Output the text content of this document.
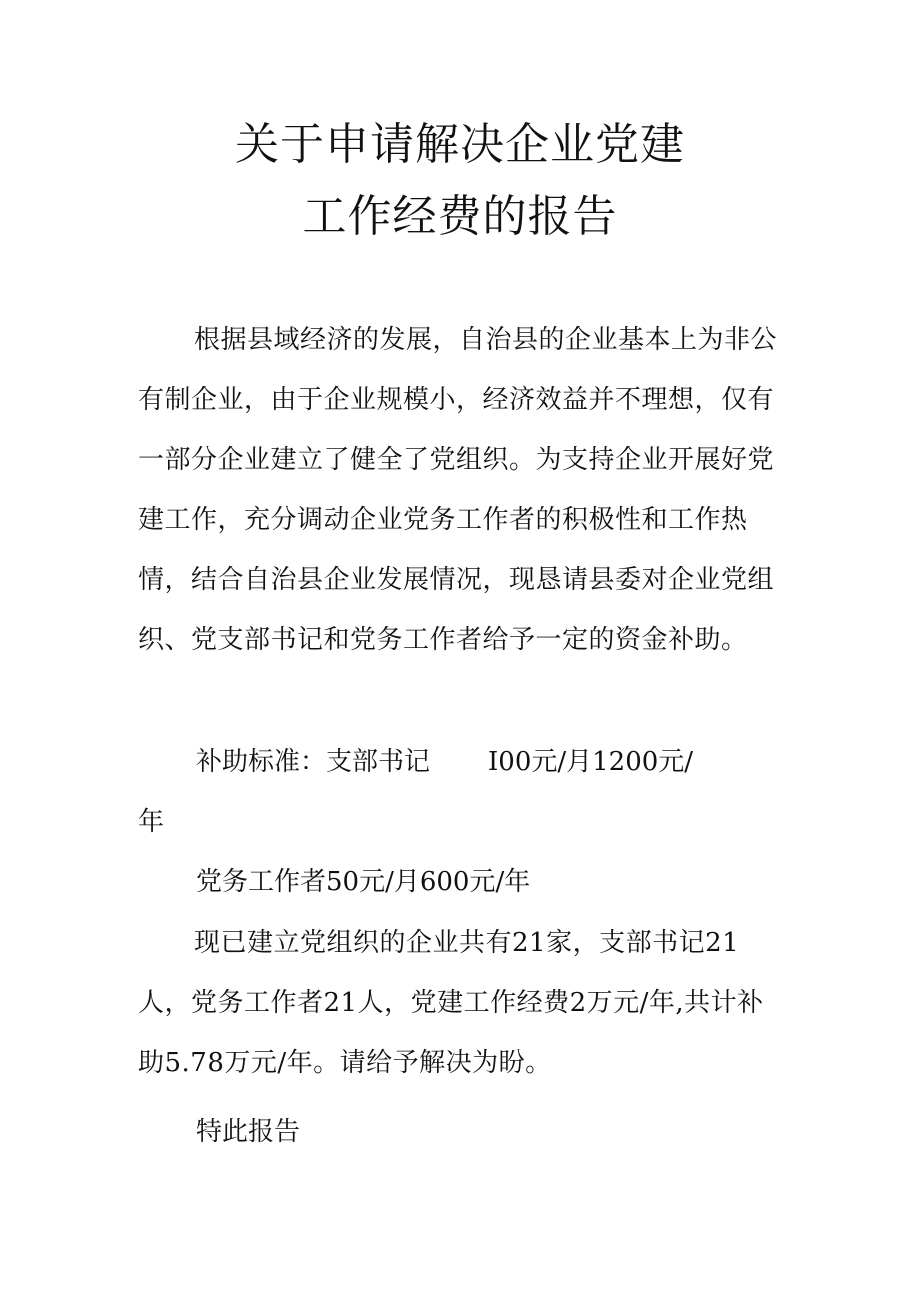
关于申请解决企业党建
工作经费的报告

根据县域经济的发展，自治县的企业基本上为非公有制企业，由于企业规模小，经济效益并不理想，仅有一部分企业建立了健全了党组织。为支持企业开展好党建工作，充分调动企业党务工作者的积极性和工作热情，结合自治县企业发展情况，现恳请县委对企业党组织、党支部书记和党务工作者给予一定的资金补助。

补助标准：支部书记 I00元/月1200元/
年
党务工作者50元/月600元/年

现已建立党组织的企业共有21家，支部书记21人，党务工作者21人，党建工作经费2万元/年,共计补助5.78万元/年。请给予解决为盼。

特此报告
